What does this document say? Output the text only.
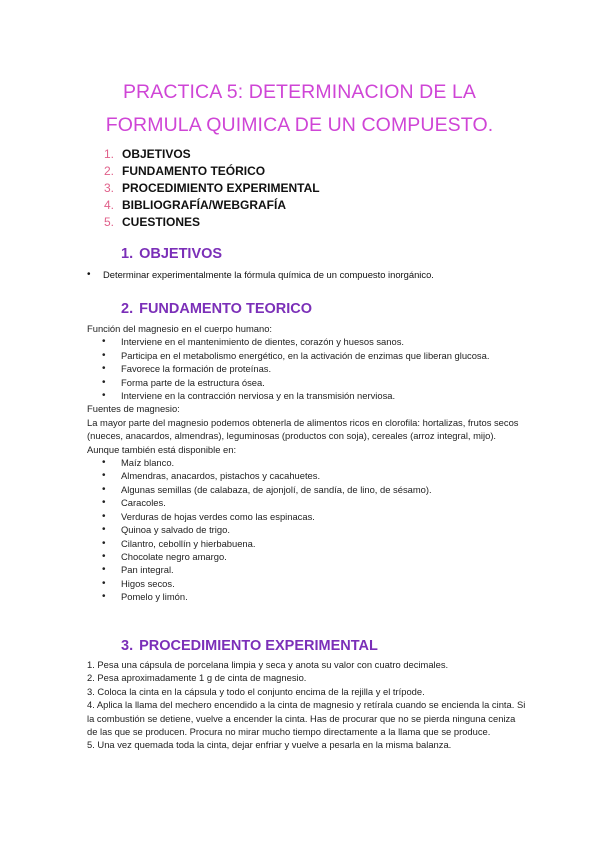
PRACTICA 5: DETERMINACION DE LA
FORMULA QUIMICA DE UN COMPUESTO.
1. OBJETIVOS
2. FUNDAMENTO TEÓRICO
3. PROCEDIMIENTO EXPERIMENTAL
4. BIBLIOGRAFÍA/WEBGRAFÍA
5. CUESTIONES
1. OBJETIVOS
• Determinar experimentalmente la fórmula química de un compuesto inorgánico.
2. FUNDAMENTO TEORICO
Función del magnesio en el cuerpo humano:
• Interviene en el mantenimiento de dientes, corazón y huesos sanos.
• Participa en el metabolismo energético, en la activación de enzimas que liberan glucosa.
• Favorece la formación de proteínas.
• Forma parte de la estructura ósea.
• Interviene en la contracción nerviosa y en la transmisión nerviosa.
Fuentes de magnesio:
La mayor parte del magnesio podemos obtenerla de alimentos ricos en clorofila: hortalizas, frutos secos (nueces, anacardos, almendras), leguminosas (productos con soja), cereales (arroz integral, mijo). Aunque también está disponible en:
• Maíz blanco.
• Almendras, anacardos, pistachos y cacahuetes.
• Algunas semillas (de calabaza, de ajonjolí, de sandía, de lino, de sésamo).
• Caracoles.
• Verduras de hojas verdes como las espinacas.
• Quinoa y salvado de trigo.
• Cilantro, cebollín y hierbabuena.
• Chocolate negro amargo.
• Pan integral.
• Higos secos.
• Pomelo y limón.
3. PROCEDIMIENTO EXPERIMENTAL

1. Pesa una cápsula de porcelana limpia y seca y anota su valor con cuatro decimales.

2. Pesa aproximadamente 1 g de cinta de magnesio.

3. Coloca la cinta en la cápsula y todo el conjunto encima de la rejilla y el trípode.

4. Aplica la llama del mechero encendido a la cinta de magnesio y retírala cuando se encienda la cinta. Si la combustión se detiene, vuelve a encender la cinta. Has de procurar que no se pierda ninguna ceniza de las que se producen. Procura no mirar mucho tiempo directamente a la llama que se produce.

5. Una vez quemada toda la cinta, dejar enfriar y vuelve a pesarla en la misma balanza.
